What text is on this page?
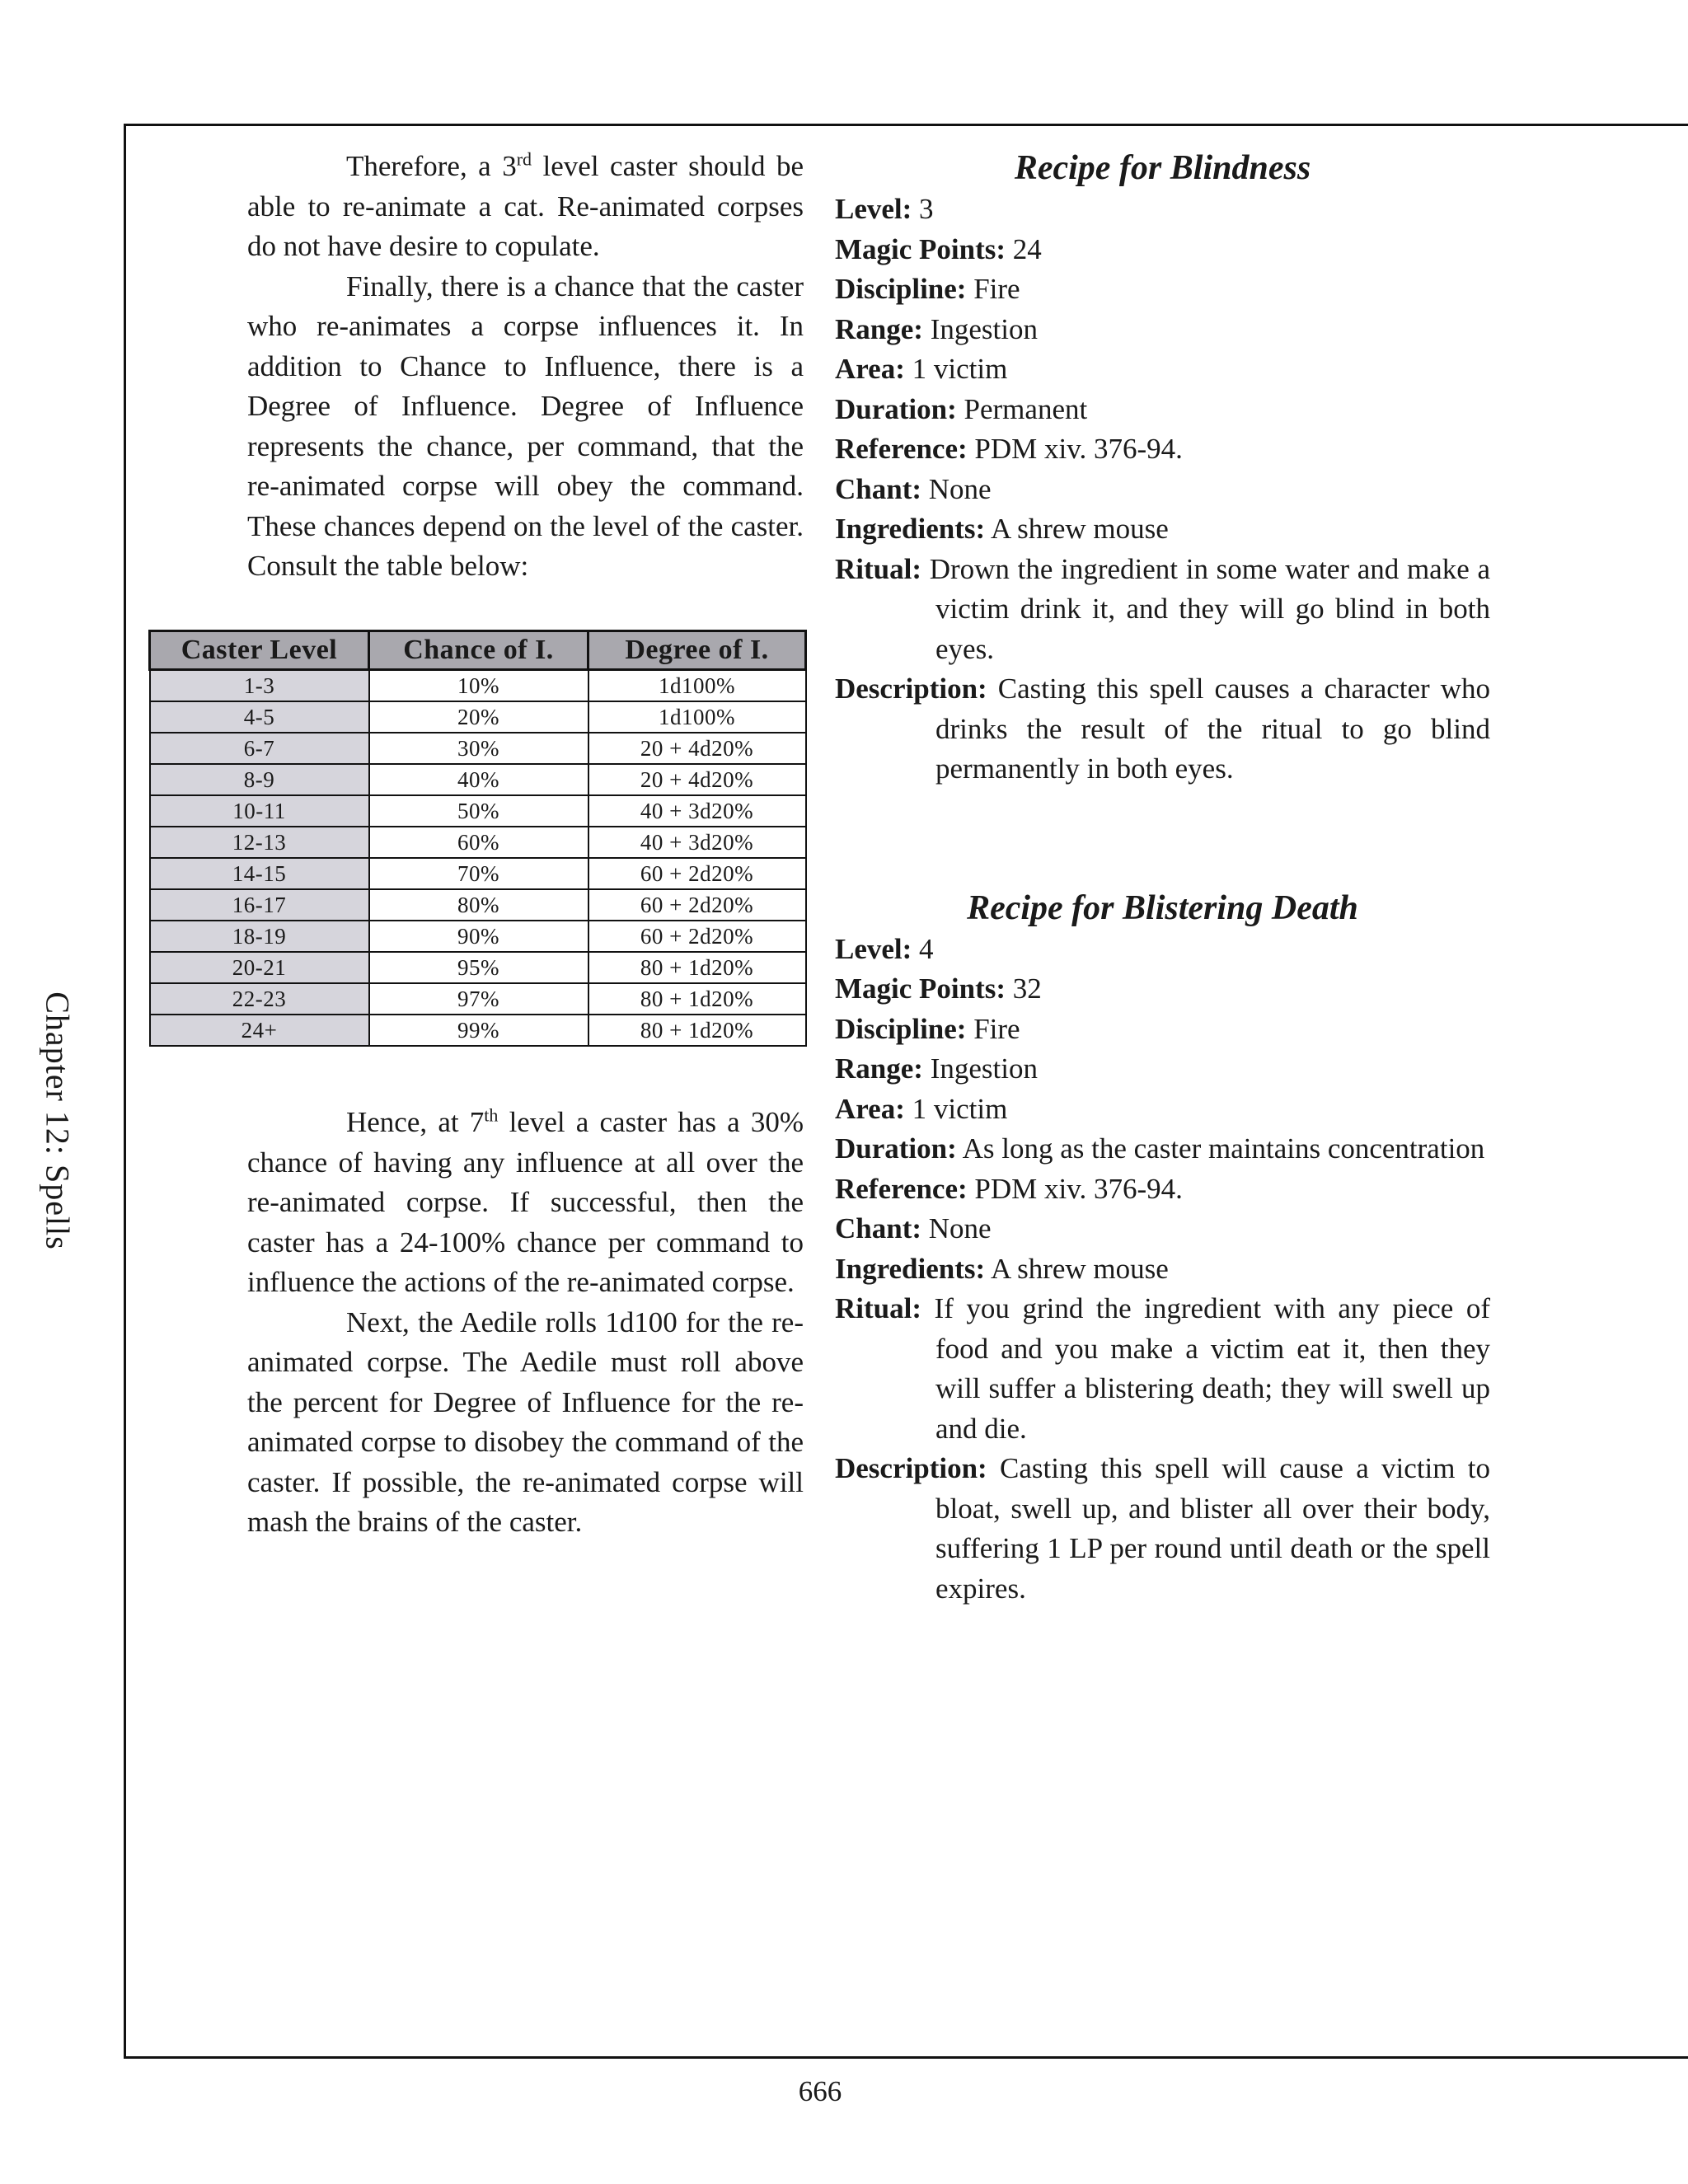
Chapter 12: Spells

Therefore, a 3rd level caster should be able to re-animate a cat. Re-animated corpses do not have desire to copulate.

Finally, there is a chance that the caster who re-animates a corpse influences it. In addition to Chance to Influence, there is a Degree of Influence. Degree of Influence represents the chance, per command, that the re-animated corpse will obey the command. These chances depend on the level of the caster. Consult the table below:

Caster Level	Chance of I.	Degree of I.
1-3	10%	1d100%
4-5	20%	1d100%
6-7	30%	20 + 4d20%
8-9	40%	20 + 4d20%
10-11	50%	40 + 3d20%
12-13	60%	40 + 3d20%
14-15	70%	60 + 2d20%
16-17	80%	60 + 2d20%
18-19	90%	60 + 2d20%
20-21	95%	80 + 1d20%
22-23	97%	80 + 1d20%
24+	99%	80 + 1d20%

Hence, at 7th level a caster has a 30% chance of having any influence at all over the re-animated corpse. If successful, then the caster has a 24-100% chance per command to influence the actions of the re-animated corpse.

Next, the Aedile rolls 1d100 for the re-animated corpse. The Aedile must roll above the percent for Degree of Influence for the re-animated corpse to disobey the command of the caster. If possible, the re-animated corpse will mash the brains of the caster.

Recipe for Blindness

Level: 3

Magic Points: 24

Discipline: Fire

Range: Ingestion

Area: 1 victim

Duration: Permanent

Reference: PDM xiv. 376-94.

Chant: None

Ingredients: A shrew mouse

Ritual: Drown the ingredient in some water and make a victim drink it, and they will go blind in both eyes.

Description: Casting this spell causes a character who drinks the result of the ritual to go blind permanently in both eyes.

Recipe for Blistering Death

Level: 4

Magic Points: 32

Discipline: Fire

Range: Ingestion

Area: 1 victim

Duration: As long as the caster maintains concentration

Reference: PDM xiv. 376-94.

Chant: None

Ingredients: A shrew mouse

Ritual: If you grind the ingredient with any piece of food and you make a victim eat it, then they will suffer a blistering death; they will swell up and die.

Description: Casting this spell will cause a victim to bloat, swell up, and blister all over their body, suffering 1 LP per round until death or the spell expires.

666
